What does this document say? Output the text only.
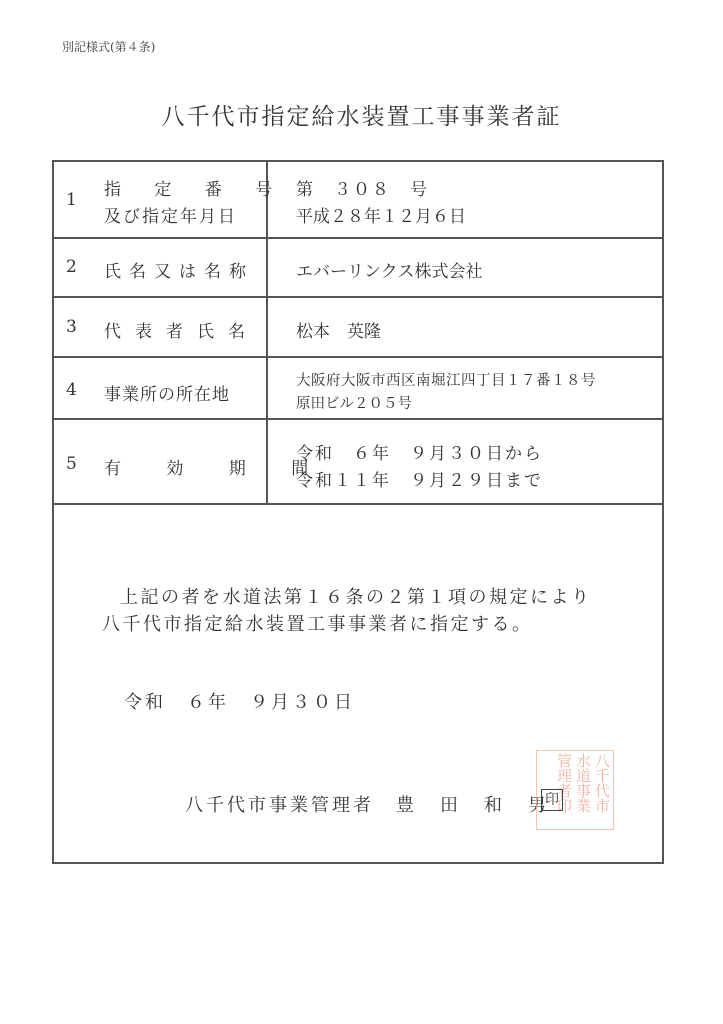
別記様式(第４条)
八千代市指定給水装置工事事業者証
1 指 定 番 号
及び指定年月日
第　３０８　号
平成２８年１２月６日
2 氏名又は名称 エバーリンクス株式会社
3 代表者氏名 松本　英隆
4 事業所の所在地
大阪府大阪市西区南堀江四丁目１７番１８号
原田ビル２０５号
5 有 効 期 間
令和　６年　９月３０日から
令和１１年　９月２９日まで
上記の者を水道法第１６条の２第１項の規定により
八千代市指定給水装置工事事業者に指定する。
令和　６年　９月３０日
八千代市事業管理者 豊　田　和　男	八千代市水道事業管理者印
印
